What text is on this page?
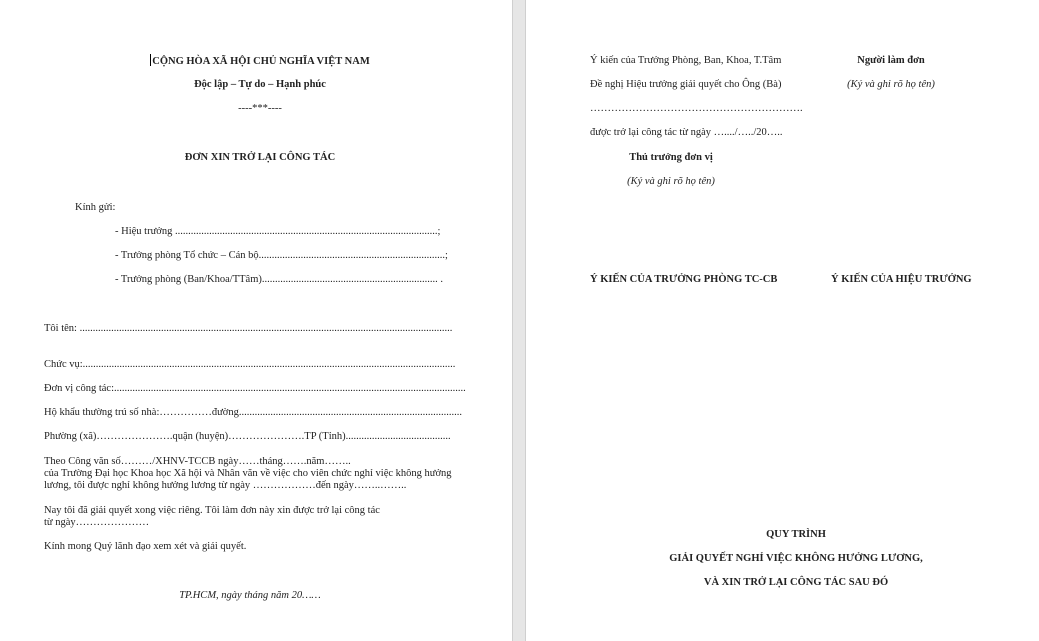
CỘNG HÒA XÃ HỘI CHỦ NGHĨA VIỆT NAM
Độc lập – Tự do – Hạnh phúc
----***----
ĐƠN XIN TRỞ LẠI CÔNG TÁC
Kính gửi:
- Hiệu trưởng ....................................................................................................;
- Trưởng phòng Tổ chức – Cán bộ.......................................................................;
- Trưởng phòng (Ban/Khoa/TTâm)................................................................... .
Tôi tên: ..............................................................................................................................................
Chức vụ:..............................................................................................................................................
Đơn vị công tác:......................................................................................................................................
Hộ khẩu thường trú số nhà:……………đường.....................................................................................
Phường (xã)………………….quận (huyện)………………….TP (Tỉnh)........................................
Theo Công văn số………/XHNV-TCCB ngày……tháng…….năm……..
của Trường Đại học Khoa học Xã hội và Nhân văn về việc cho viên chức nghỉ việc không hưởng
lương, tôi được nghỉ không hưởng lương từ ngày ………………đến ngày……..……..
Nay tôi đã giải quyết xong việc riêng. Tôi làm đơn này xin được trở lại công tác
từ ngày…………………
Kính mong Quý lãnh đạo xem xét và giải quyết.
TP.HCM, ngày tháng năm 20……
Ý kiến của Trưởng Phòng, Ban, Khoa, T.Tâm
Đề nghị Hiệu trưởng giải quyết cho Ông (Bà)
…………………………………………………….
được trở lại công tác từ ngày …..../…../20…..
Thủ trưởng đơn vị
(Ký và ghi rõ họ tên)
Người làm đơn
(Ký và ghi rõ họ tên)
Ý KIẾN CỦA TRƯỞNG PHÒNG TC-CB	Ý KIẾN CỦA HIỆU TRƯỞNG
QUY TRÌNH
GIẢI QUYẾT NGHỈ VIỆC KHÔNG HƯỞNG LƯƠNG,
VÀ XIN TRỞ LẠI CÔNG TÁC SAU ĐÓ
